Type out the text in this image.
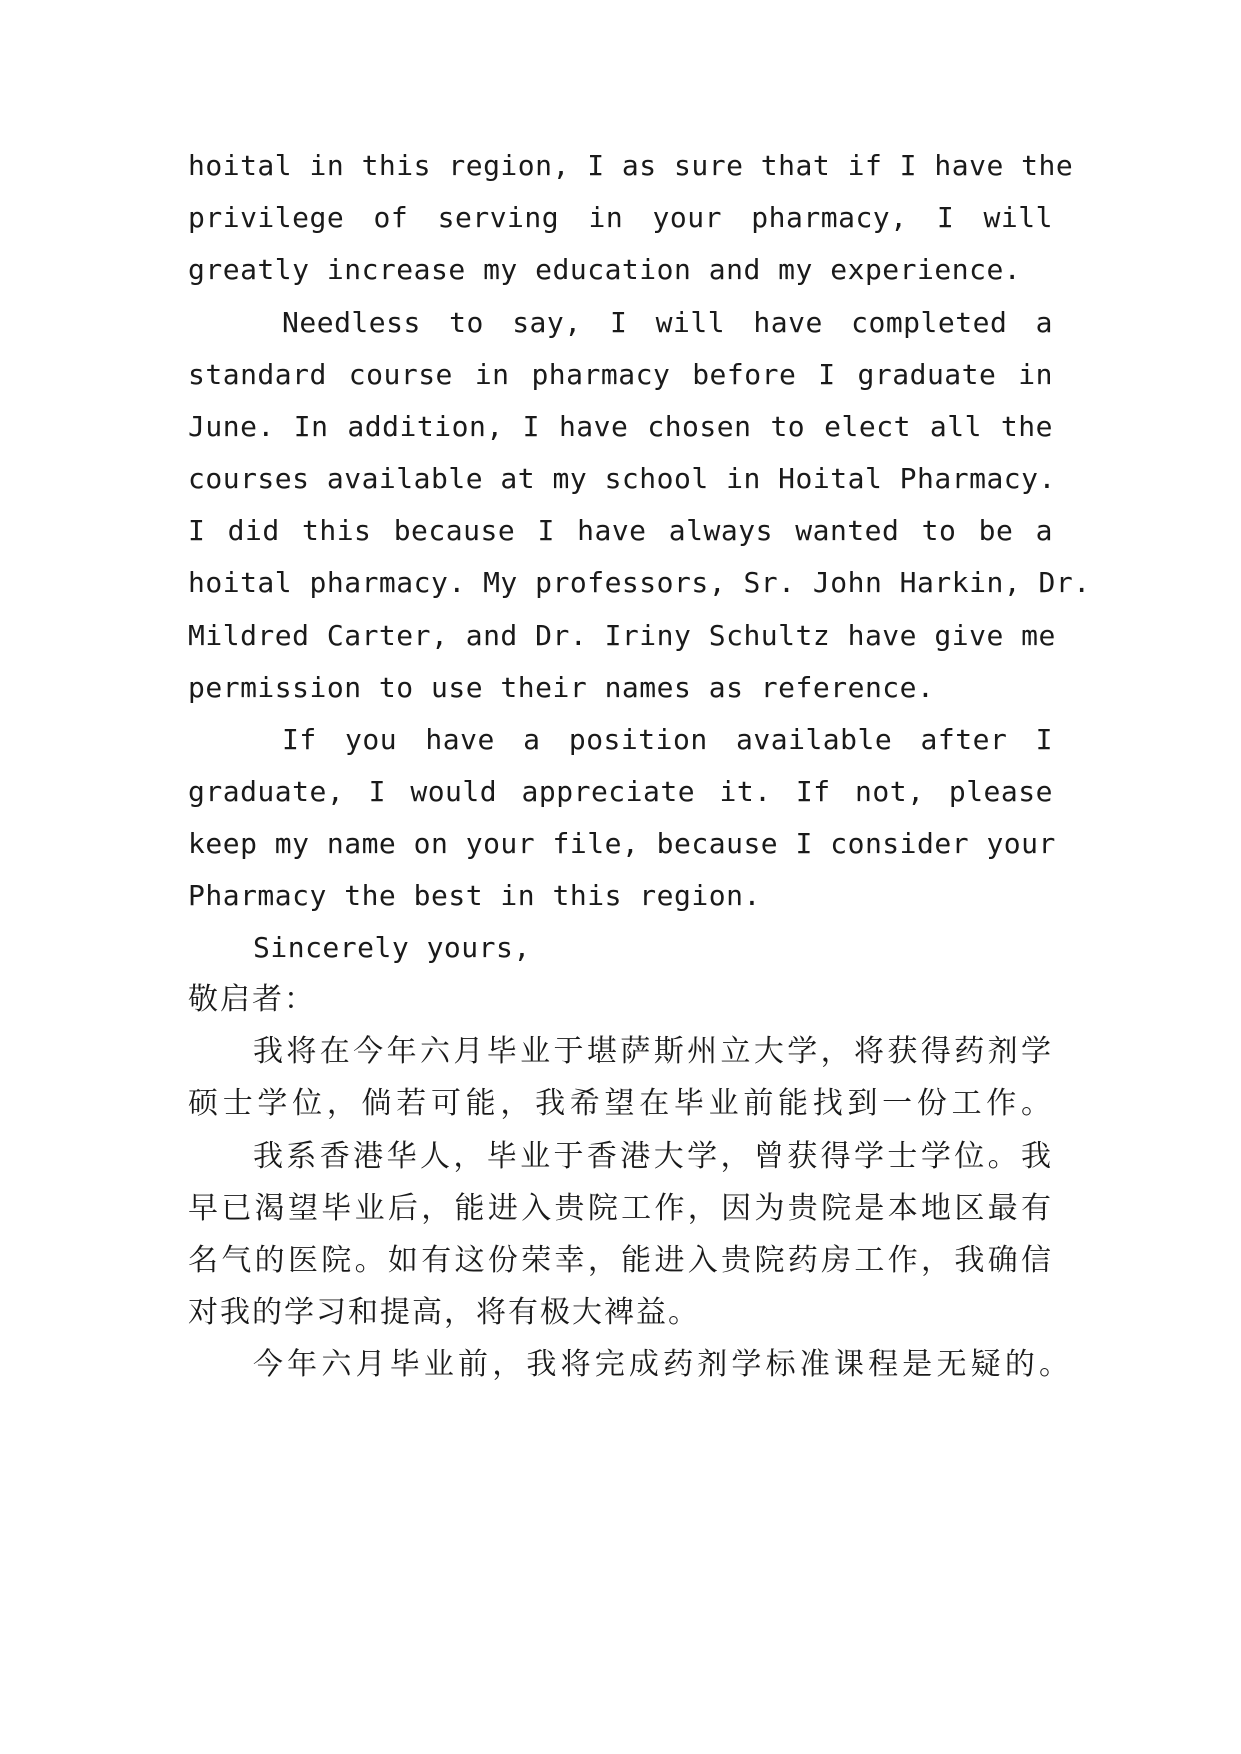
hoital in this region, I as sure that if I have the
privilege of serving in your pharmacy, I will
greatly increase my education and my experience.
Needless to say, I will have completed a
standard course in pharmacy before I graduate in
June. In addition, I have chosen to elect all the
courses available at my school in Hoital Pharmacy.
I did this because I have always wanted to be a
hoital pharmacy. My professors, Sr. John Harkin, Dr.
Mildred Carter, and Dr. Iriny Schultz have give me
permission to use their names as reference.
If you have a position available after I
graduate, I would appreciate it. If not, please
keep my name on your file, because I consider your
Pharmacy the best in this region.
Sincerely yours,
敬启者：
我将在今年六月毕业于堪萨斯州立大学，将获得药剂学
硕士学位，倘若可能，我希望在毕业前能找到一份工作。
我系香港华人，毕业于香港大学，曾获得学士学位。我
早已渴望毕业后，能进入贵院工作，因为贵院是本地区最有
名气的医院。如有这份荣幸，能进入贵院药房工作，我确信
对我的学习和提高，将有极大裨益。
今年六月毕业前，我将完成药剂学标准课程是无疑的。
